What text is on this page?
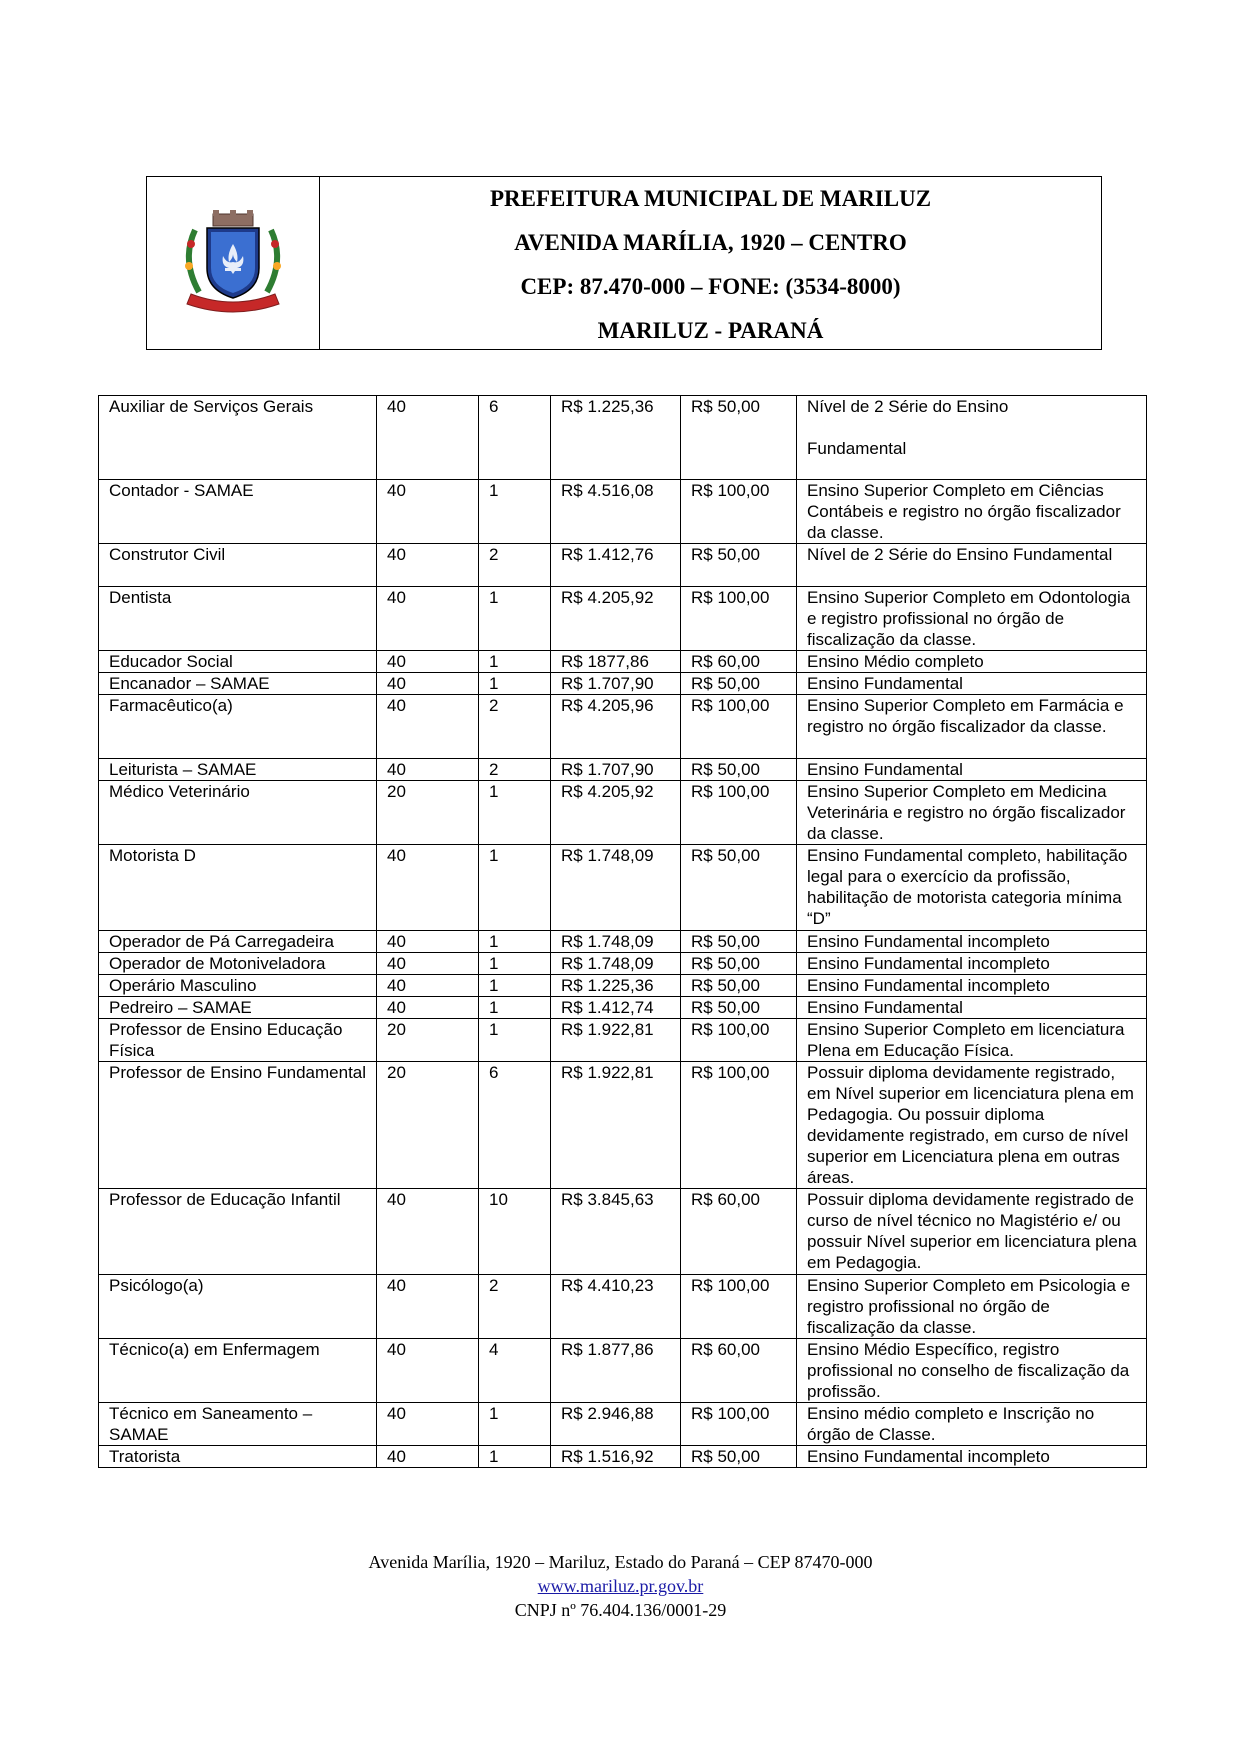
PREFEITURA MUNICIPAL DE MARILUZ
AVENIDA MARÍLIA, 1920 – CENTRO
CEP: 87.470-000 – FONE: (3534-8000)
MARILUZ - PARANÁ
Auxiliar de Serviços Gerais	40	6	R$ 1.225,36	R$ 50,00	Nível de 2 Série do Ensino

Fundamental
Contador - SAMAE	40	1	R$ 4.516,08	R$ 100,00	Ensino Superior Completo em Ciências Contábeis e registro no órgão fiscalizador da classe.
Construtor Civil	40	2	R$ 1.412,76	R$ 50,00	Nível de 2 Série do Ensino Fundamental
Dentista	40	1	R$ 4.205,92	R$ 100,00	Ensino Superior Completo em Odontologia e registro profissional no órgão de fiscalização da classe.
Educador Social	40	1	R$ 1877,86	R$ 60,00	Ensino Médio completo
Encanador – SAMAE	40	1	R$ 1.707,90	R$ 50,00	Ensino Fundamental
Farmacêutico(a)	40	2	R$ 4.205,96	R$ 100,00	Ensino Superior Completo em Farmácia e registro no órgão fiscalizador da classe.
Leiturista – SAMAE	40	2	R$ 1.707,90	R$ 50,00	Ensino Fundamental
Médico Veterinário	20	1	R$ 4.205,92	R$ 100,00	Ensino Superior Completo em Medicina Veterinária e registro no órgão fiscalizador da classe.
Motorista D	40	1	R$ 1.748,09	R$ 50,00	Ensino Fundamental completo, habilitação legal para o exercício da profissão, habilitação de motorista categoria mínima “D”
Operador de Pá Carregadeira	40	1	R$ 1.748,09	R$ 50,00	Ensino Fundamental incompleto
Operador de Motoniveladora	40	1	R$ 1.748,09	R$ 50,00	Ensino Fundamental incompleto
Operário Masculino	40	1	R$ 1.225,36	R$ 50,00	Ensino Fundamental incompleto
Pedreiro – SAMAE	40	1	R$ 1.412,74	R$ 50,00	Ensino Fundamental
Professor de Ensino Educação Física	20	1	R$ 1.922,81	R$ 100,00	Ensino Superior Completo em licenciatura Plena em Educação Física.
Professor de Ensino Fundamental	20	6	R$ 1.922,81	R$ 100,00	Possuir diploma devidamente registrado, em Nível superior em licenciatura plena em Pedagogia. Ou possuir diploma devidamente registrado, em curso de nível superior em Licenciatura plena em outras áreas.
Professor de Educação Infantil	40	10	R$ 3.845,63	R$ 60,00	Possuir diploma devidamente registrado de curso de nível técnico no Magistério e/ ou possuir Nível superior em licenciatura plena em Pedagogia.
Psicólogo(a)	40	2	R$ 4.410,23	R$ 100,00	Ensino Superior Completo em Psicologia e registro profissional no órgão de fiscalização da classe.
Técnico(a) em Enfermagem	40	4	R$ 1.877,86	R$ 60,00	Ensino Médio Específico, registro profissional no conselho de fiscalização da profissão.
Técnico em Saneamento – SAMAE	40	1	R$ 2.946,88	R$ 100,00	Ensino médio completo e Inscrição no órgão de Classe.
Tratorista	40	1	R$ 1.516,92	R$ 50,00	Ensino Fundamental incompleto
Avenida Marília, 1920 – Mariluz, Estado do Paraná – CEP 87470-000
www.mariluz.pr.gov.br
CNPJ nº 76.404.136/0001-29
